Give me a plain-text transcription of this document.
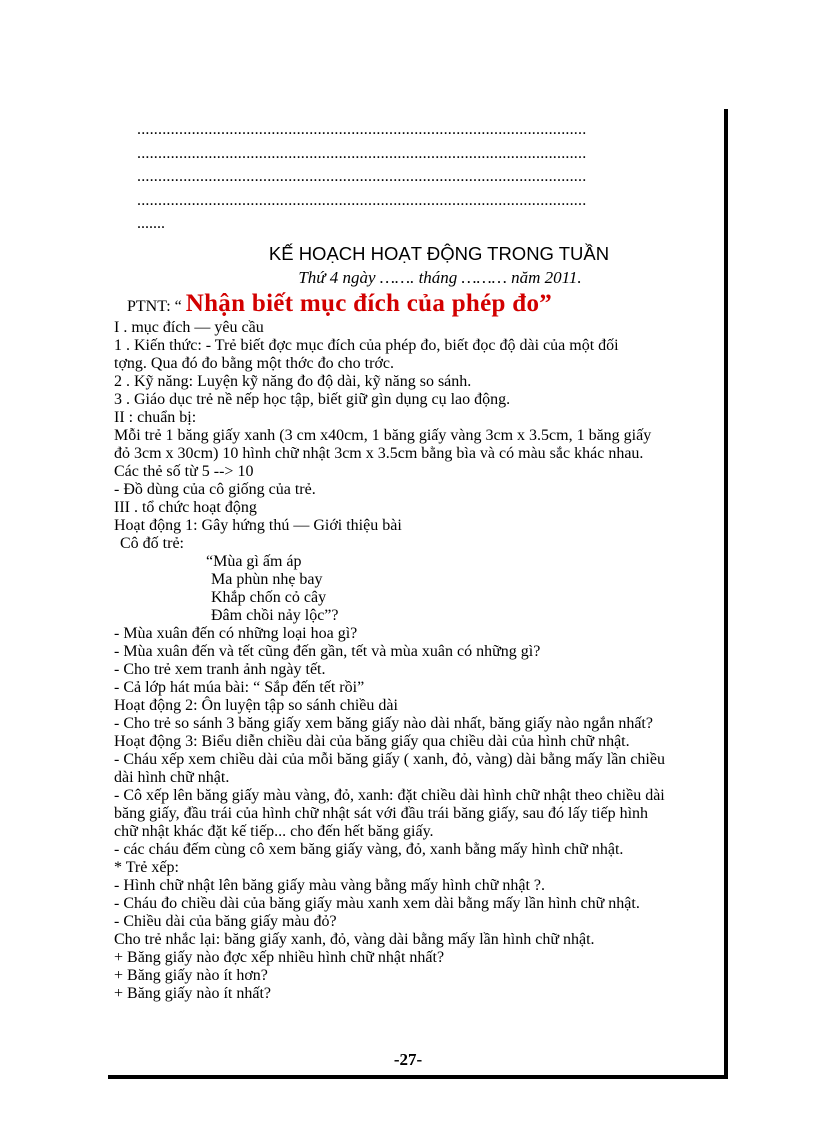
...........................................................................................................
...........................................................................................................
...........................................................................................................
...........................................................................................................
.......
KẾ HOẠCH HOẠT ĐỘNG TRONG TUẦN
Thứ 4 ngày ……. tháng ……… năm 2011.
PTNT: “ Nhận biết mục đích của phép đo”
I . mục đích — yêu cầu
1 . Kiến thức: - Trẻ biết đợc mục đích của phép đo, biết đọc độ dài của một đối
tợng. Qua đó đo bằng một thớc đo cho trớc.
2 . Kỹ năng: Luyện kỹ năng đo độ dài, kỹ năng so sánh.
3 . Giáo dục trẻ nề nếp học tập, biết giữ gìn dụng cụ lao động.
II : chuẩn bị:
Mỗi trẻ 1 băng giấy xanh (3 cm x40cm, 1 băng giấy vàng 3cm x 3.5cm, 1 băng giấy
đỏ 3cm x 30cm) 10 hình chữ nhật 3cm x 3.5cm bằng bìa và có màu sắc khác nhau.
Các thẻ số từ 5 --> 10
- Đồ dùng của cô giống của trẻ.
III . tổ chức hoạt động
Hoạt động 1: Gây hứng thú — Giới thiệu bài
Cô đố trẻ:
“Mùa gì ấm áp
Ma phùn nhẹ bay
Khắp chốn cỏ cây
Đâm chồi nảy lộc”?
- Mùa xuân đến có những loại hoa gì?
- Mùa xuân đến và tết cũng đến gần, tết và mùa xuân có những gì?
- Cho trẻ xem tranh ảnh ngày tết.
- Cả lớp hát múa bài: “ Sắp đến tết rồi”
Hoạt động 2: Ôn luyện tập so sánh chiều dài
- Cho trẻ so sánh 3 băng giấy xem băng giấy nào dài nhất, băng giấy nào ngắn nhất?
Hoạt động 3: Biểu diễn chiều dài của băng giấy qua chiều dài của hình chữ nhật.
- Cháu xếp xem chiều dài của mỗi băng giấy ( xanh, đỏ, vàng) dài bằng mấy lần chiều
dài hình chữ nhật.
- Cô xếp lên băng giấy màu vàng, đỏ, xanh: đặt chiều dài hình chữ nhật theo chiều dài
băng giấy, đầu trái của hình chữ nhật sát với đầu trái băng giấy, sau đó lấy tiếp hình
chữ nhật khác đặt kế tiếp... cho đến hết băng giấy.
- các cháu đếm cùng cô xem băng giấy vàng, đỏ, xanh bằng mấy hình chữ nhật.
* Trẻ xếp:
- Hình chữ nhật lên băng giấy màu vàng bằng mấy hình chữ nhật ?.
- Cháu đo chiều dài của băng giấy màu xanh xem dài bằng mấy lần hình chữ nhật.
- Chiều dài của băng giấy màu đỏ?
Cho trẻ nhắc lại: băng giấy xanh, đỏ, vàng dài bằng mấy lần hình chữ nhật.
+ Băng giấy nào đợc xếp nhiều hình chữ nhật nhất?
+ Băng giấy nào ít hơn?
+ Băng giấy nào ít nhất?
-27-
